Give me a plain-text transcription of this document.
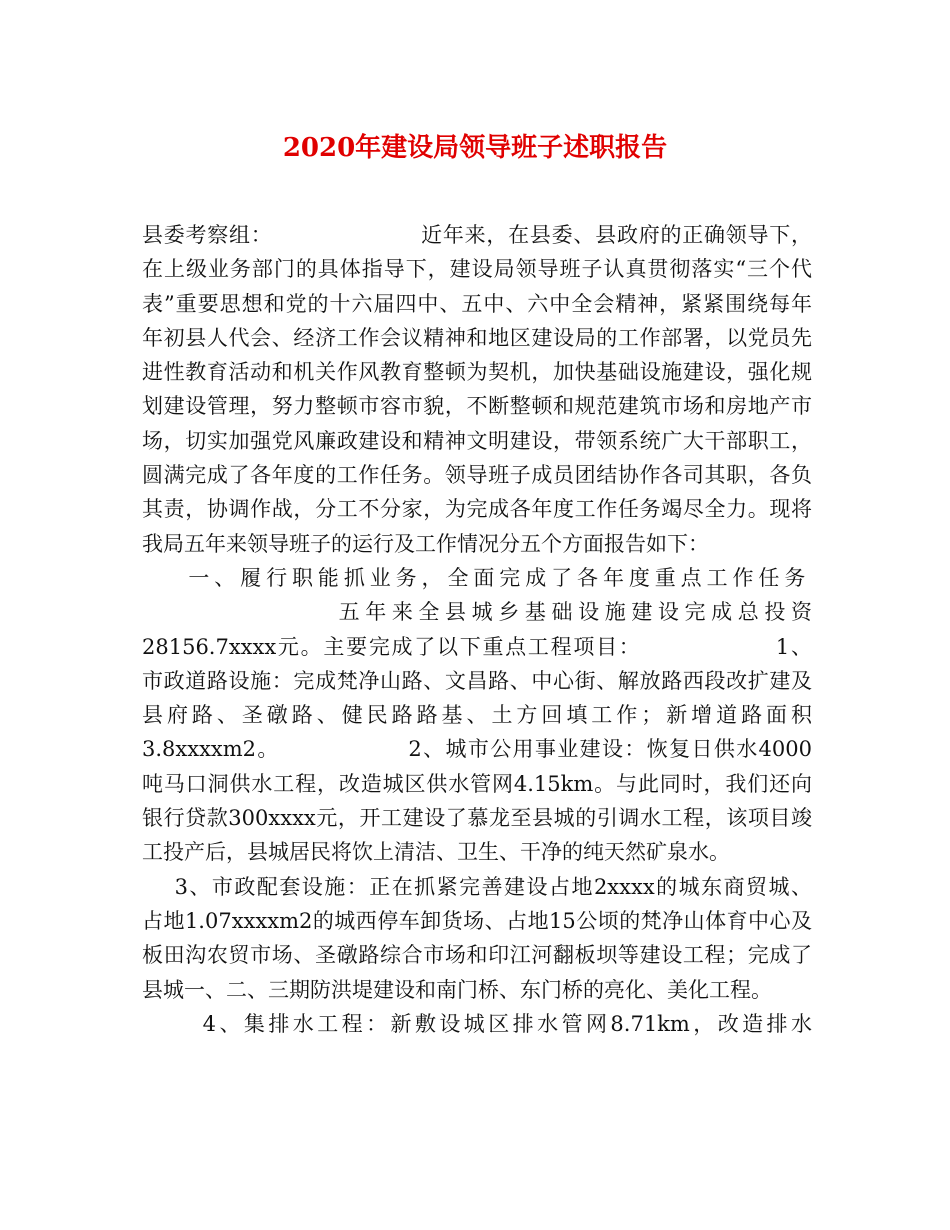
2020年建设局领导班子述职报告
县委考察组：                    近年来，在县委、县政府的正确领导下，
在上级业务部门的具体指导下，建设局领导班子认真贯彻落实“三个代
表”重要思想和党的十六届四中、五中、六中全会精神，紧紧围绕每年
年初县人代会、经济工作会议精神和地区建设局的工作部署，以党员先
进性教育活动和机关作风教育整顿为契机，加快基础设施建设，强化规
划建设管理，努力整顿市容市貌，不断整顿和规范建筑市场和房地产市
场，切实加强党风廉政建设和精神文明建设，带领系统广大干部职工，
圆满完成了各年度的工作任务。领导班子成员团结协作各司其职，各负
其责，协调作战，分工不分家，为完成各年度工作任务竭尽全力。现将
我局五年来领导班子的运行及工作情况分五个方面报告如下：
一、履行职能抓业务，全面完成了各年度重点工作任务
五年来全县城乡基础设施建设完成总投资
28156.7xxxx元。主要完成了以下重点工程项目：                1、
市政道路设施：完成梵净山路、文昌路、中心街、解放路西段改扩建及
县府路、圣礅路、健民路路基、土方回填工作；新增道路面积
3.8xxxxm2。                2、城市公用事业建设：恢复日供水4000
吨马口洞供水工程，改造城区供水管网4.15km。与此同时，我们还向
银行贷款300xxxx元，开工建设了慕龙至县城的引调水工程，该项目竣
工投产后，县城居民将饮上清洁、卫生、干净的纯天然矿泉水。
3、市政配套设施：正在抓紧完善建设占地2xxxx的城东商贸城、
占地1.07xxxxm2的城西停车卸货场、占地15公顷的梵净山体育中心及
板田沟农贸市场、圣礅路综合市场和印江河翻板坝等建设工程；完成了
县城一、二、三期防洪堤建设和南门桥、东门桥的亮化、美化工程。
4、集排水工程：新敷设城区排水管网8.71km，改造排水
